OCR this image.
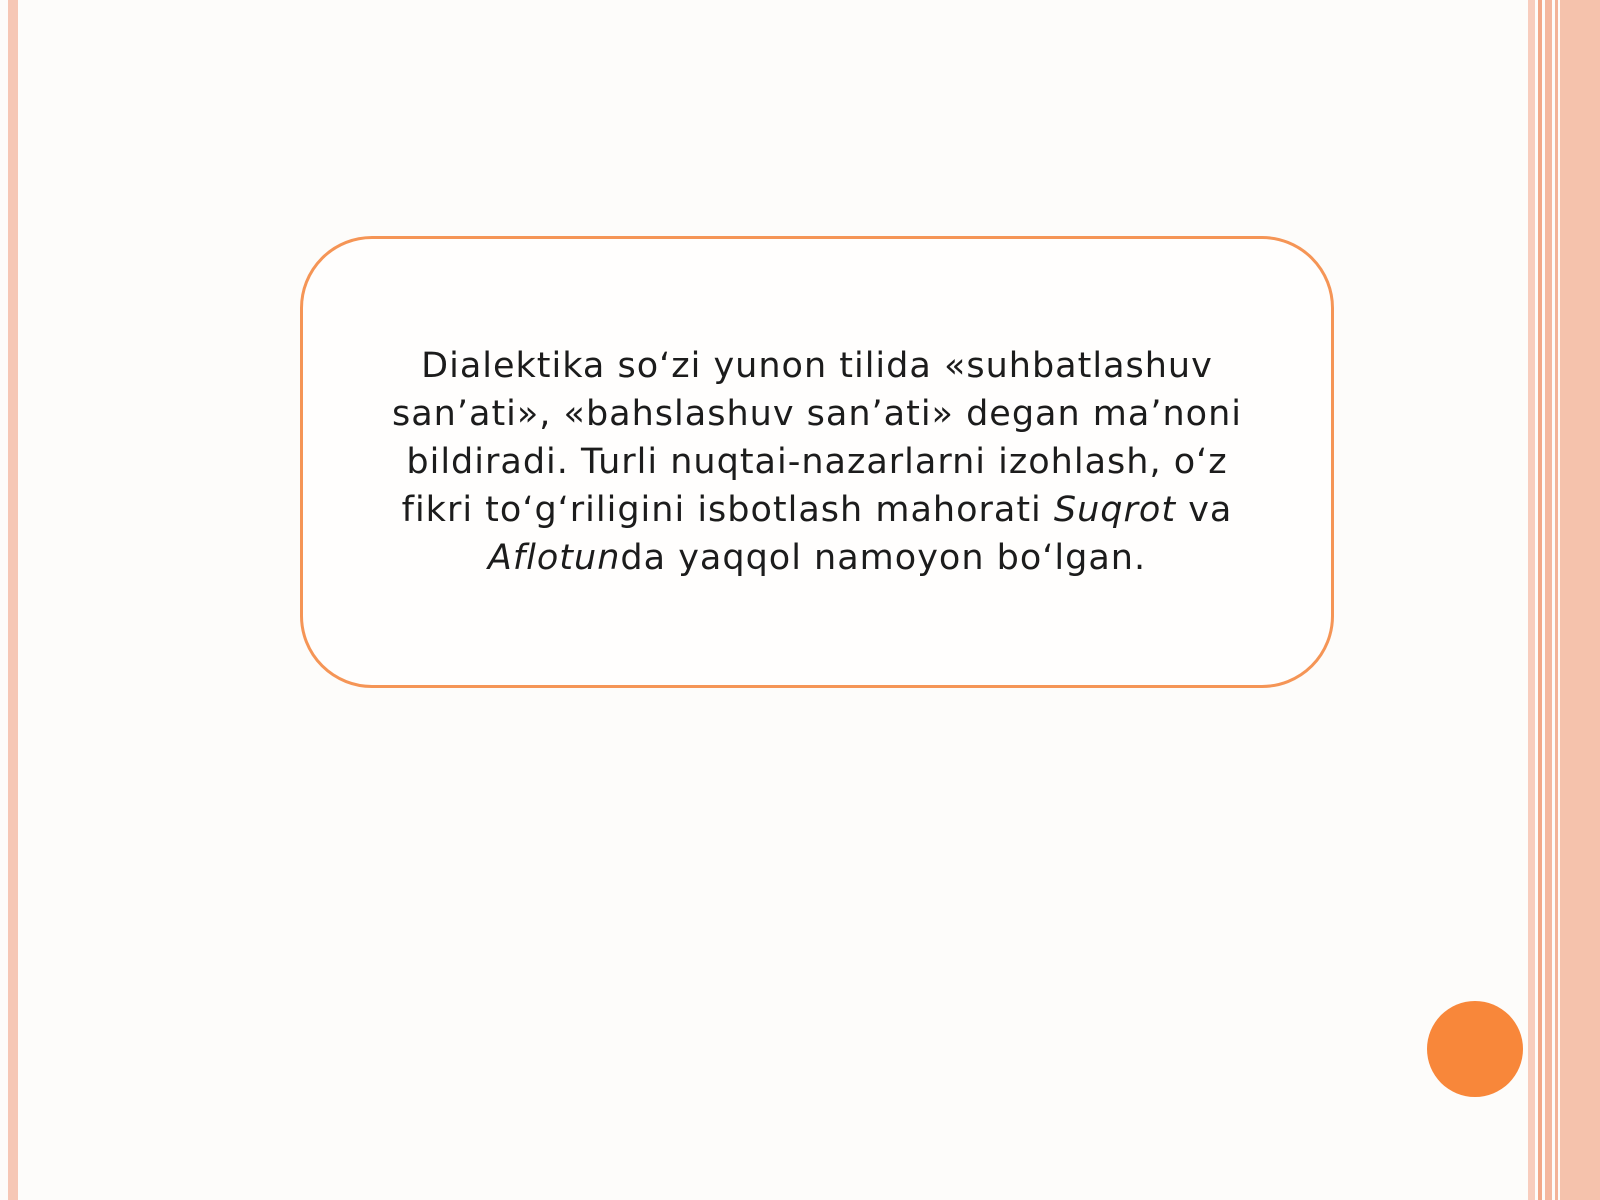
Dialektika so‘zi yunon tilida «suhbatlashuv san’ati», «bahslashuv san’ati» degan ma’noni bildiradi. Turli nuqtai-nazarlarni izohlash, o‘z fikri to‘g‘riligini isbotlash mahorati Suqrot va Aflotunda yaqqol namoyon bo‘lgan.
